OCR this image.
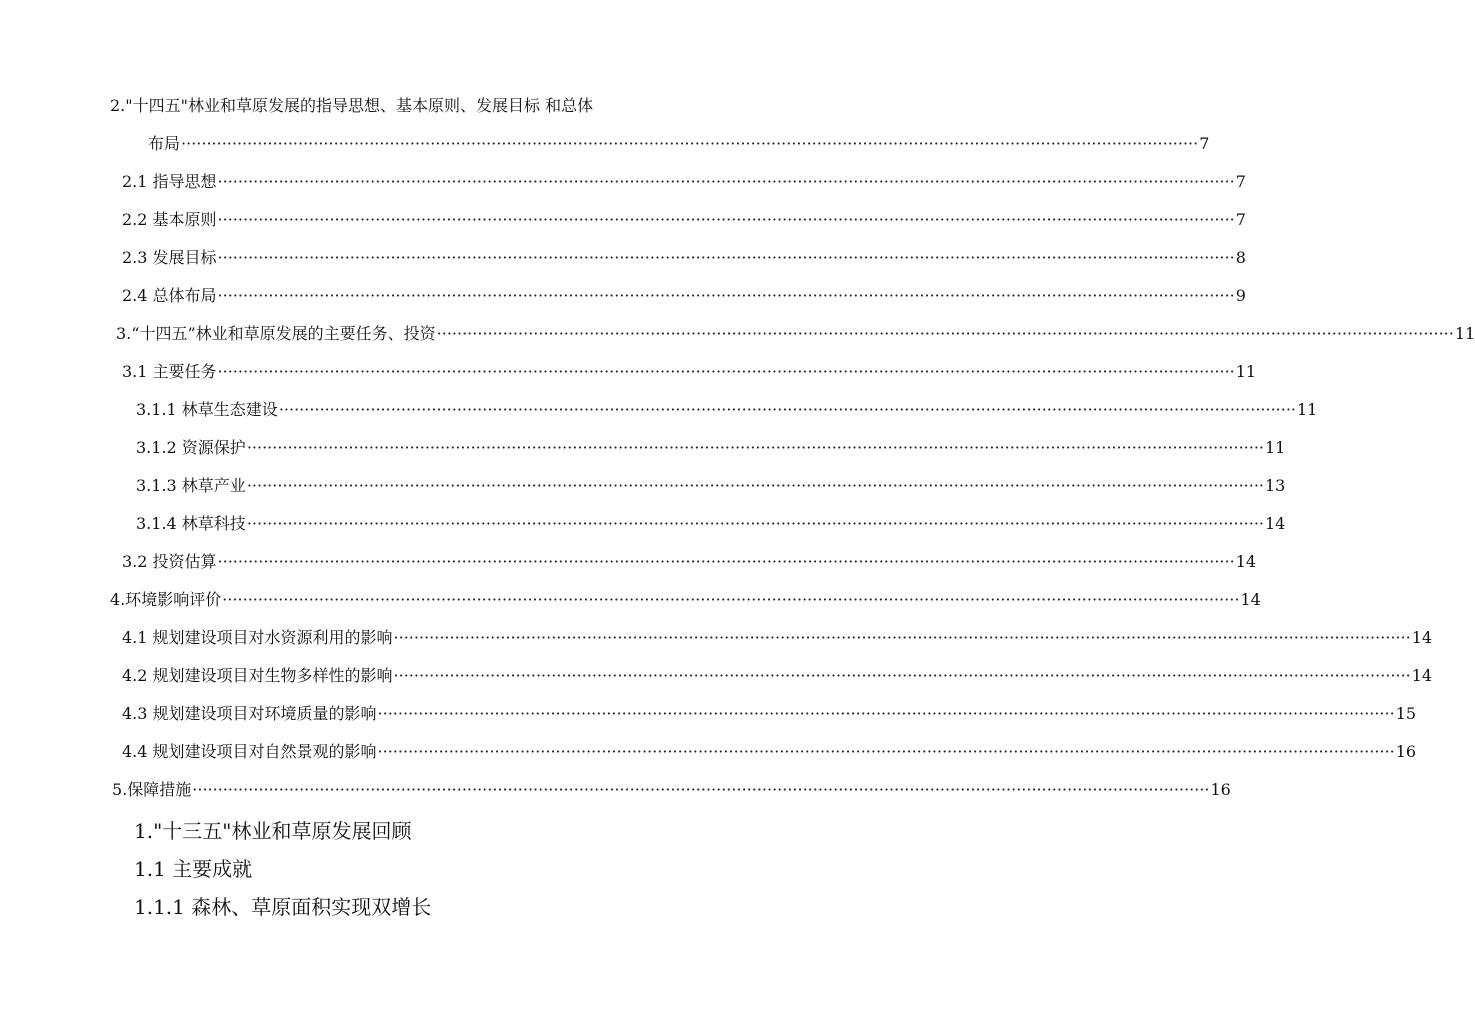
2."十四五"林业和草原发展的指导思想、基本原则、发展目标 和总体
布局 ········································································································································································································ 7
2.1 指导思想 ········································································································································································································ 7
2.2 基本原则 ········································································································································································································ 7
2.3 发展目标 ········································································································································································································ 8
2.4 总体布局 ········································································································································································································ 9
3.“十四五”林业和草原发展的主要任务、投资 ········································································································································································································ 11
3.1 主要任务 ········································································································································································································ 11
3.1.1 林草生态建设 ········································································································································································································ 11
3.1.2 资源保护 ········································································································································································································ 11
3.1.3 林草产业 ········································································································································································································ 13
3.1.4 林草科技 ········································································································································································································ 14
3.2 投资估算 ········································································································································································································ 14
4.环境影响评价 ········································································································································································································ 14
4.1 规划建设项目对水资源利用的影响 ········································································································································································································ 14
4.2 规划建设项目对生物多样性的影响 ········································································································································································································ 14
4.3 规划建设项目对环境质量的影响 ········································································································································································································ 15
4.4 规划建设项目对自然景观的影响 ········································································································································································································ 16
5.保障措施 ········································································································································································································ 16
1."十三五"林业和草原发展回顾
1.1 主要成就
1.1.1 森林、草原面积实现双增长
